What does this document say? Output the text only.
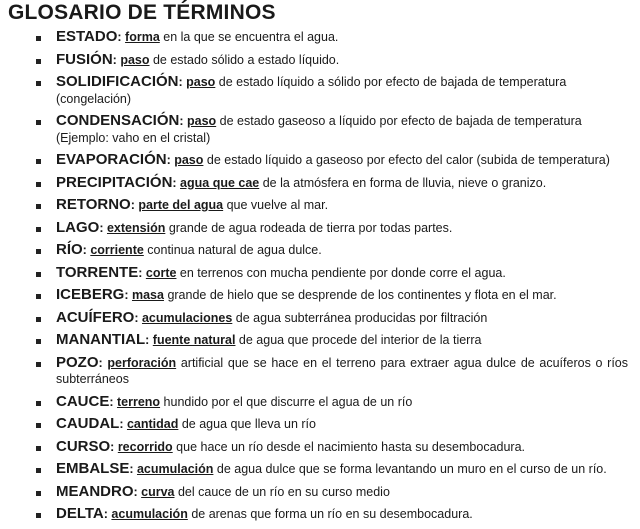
GLOSARIO DE TÉRMINOS
ESTADO: forma en la que se encuentra el agua.
FUSIÓN: paso de estado sólido a estado líquido.
SOLIDIFICACIÓN: paso de estado líquido a sólido por efecto de bajada de temperatura
(congelación)
CONDENSACIÓN: paso de estado gaseoso a líquido por efecto de bajada de temperatura
(Ejemplo: vaho en el cristal)
EVAPORACIÓN: paso de estado líquido a gaseoso por efecto del calor (subida de temperatura)
PRECIPITACIÓN: agua que cae de la atmósfera en forma de lluvia, nieve o granizo.
RETORNO: parte del agua que vuelve al mar.
LAGO: extensión grande de agua rodeada de tierra por todas partes.
RÍO: corriente continua natural de agua dulce.
TORRENTE: corte en terrenos con mucha pendiente por donde corre el agua.
ICEBERG: masa grande de hielo que se desprende de los continentes y flota en el mar.
ACUÍFERO: acumulaciones de agua subterránea producidas por filtración
MANANTIAL: fuente natural de agua que procede del interior de la tierra
POZO: perforación artificial que se hace en el terreno para extraer agua dulce de acuíferos o ríos subterráneos
CAUCE: terreno hundido por el que discurre el agua de un río
CAUDAL: cantidad de agua que lleva un río
CURSO: recorrido que hace un río desde el nacimiento hasta su desembocadura.
EMBALSE: acumulación de agua dulce que se forma levantando un muro en el curso de un río.
MEANDRO: curva del cauce de un río en su curso medio
DELTA: acumulación de arenas que forma un río en su desembocadura.
